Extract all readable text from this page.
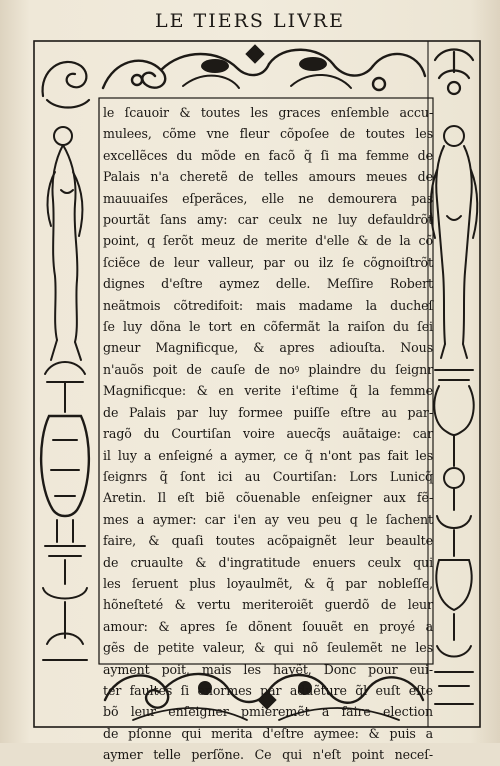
LE TIERS LIVRE
le ſcauoir & toutes les graces enſemble accu-
mulees, cõme vne fleur cõpoſee de toutes les
excellẽces du mõde en facõ q̃ ſi ma femme de
Palais n'a cheretẽ de telles amours meues de
mauuaiſes eſperãces, elle ne demourera pas
pourtãt ſans amy: car ceulx ne luy defauldrõt
point, q ſerõt meuz de merite d'elle & de la cõ
ſciẽce de leur valleur, par ou ilz ſe cõgnoiſtrõt
dignes d'eſtre aymez delle. Meſſire Robert
neãtmois cõtredifoit: mais madame la ducheſ
ſe luy dõna le tort en cõfermãt la raiſon du ſei
gneur Magnificque, & apres adiouſta. Nous
n'auõs poit de cauſe de noꝰ plaindre du ſeignr
Magnificque: & en verite i'eſtime q̃ la femme
de Palais par luy formee puiſſe eſtre au par-
ragõ du Courtiſan voire auecq̃s auãtaige: car
il luy a enſeigné a aymer, ce q̃ n'ont pas fait les
ſeignrs q̃ ſont ici au Courtiſan: Lors Lunicq̃
Aretin. Il eſt biẽ cõuenable enſeigner aux fẽ-
mes a aymer: car i'en ay veu peu q le ſachent
faire, & quaſi toutes acõpaignẽt leur beaulte
de cruaulte & d'ingratitude enuers ceulx qui
les ſeruent plus loyaulmẽt, & q̃ par nobleſſe,
hõneſteté & vertu meriteroiẽt guerdõ de leur
amour: & apres ſe dõnent ſouuẽt en proyé a
gẽs de petite valeur, & qui nõ ſeulemẽt ne les
ayment poit, mais les hayẽt, Donc pour eui-
ter faultes ſi enormes par aduẽture q̃l euſt eſte
bõ leur enſeigner pmieremẽt a faire election
de pſonne qui merita d'eſtre aymee: & puis a
aymer telle perſõne. Ce qui n'eſt point neceſ-
